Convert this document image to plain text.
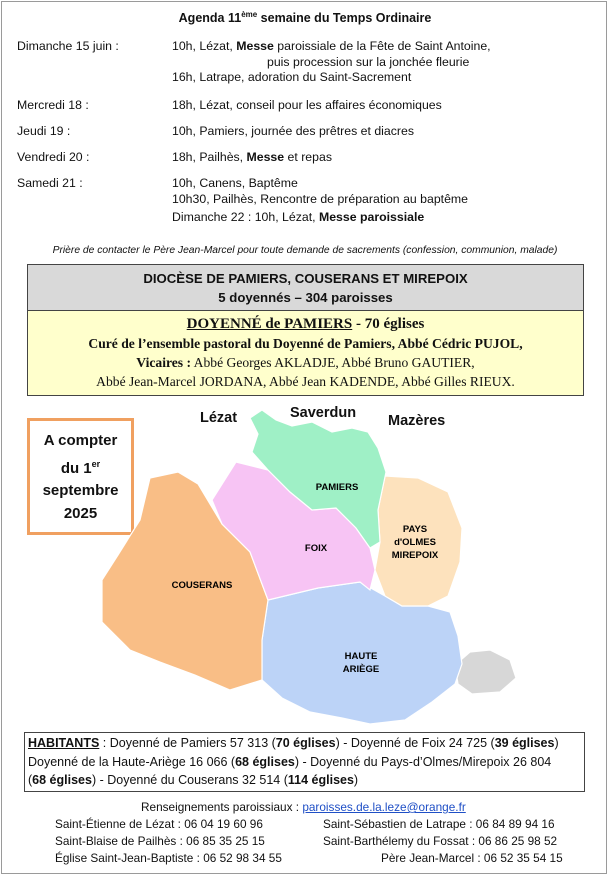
Agenda 11ème semaine du Temps Ordinaire
Dimanche 15 juin :	10h, Lézat, Messe paroissiale de la Fête de Saint Antoine,
puis procession sur la jonchée fleurie
16h, Latrape, adoration du Saint-Sacrement
Mercredi 18 :	18h, Lézat, conseil pour les affaires économiques
Jeudi 19 :	10h, Pamiers, journée des prêtres et diacres
Vendredi 20 :	18h, Pailhès, Messe et repas
Samedi 21 :	10h, Canens, Baptême
10h30, Pailhès, Rencontre de préparation au baptême
Dimanche 22 : 10h, Lézat, Messe paroissiale
Prière de contacter le Père Jean-Marcel pour toute demande de sacrements (confession, communion, malade)
DIOCÈSE DE PAMIERS, COUSERANS ET MIREPOIX
5 doyennés – 304 paroisses
DOYENNÉ de PAMIERS - 70 églises
Curé de l’ensemble pastoral du Doyenné de Pamiers, Abbé Cédric PUJOL,
Vicaires : Abbé Georges AKLADJE, Abbé Bruno GAUTIER,
Abbé Jean-Marcel JORDANA, Abbé Jean KADENDE, Abbé Gilles RIEUX.
A compter
du 1er
septembre
2025
Lézat	Saverdun Mazères
PAMIERS
FOIX
COUSERANS
PAYS
d'OLMES
MIREPOIX
HAUTE
ARIÈGE
HABITANTS : Doyenné de Pamiers 57 313 (70 églises) - Doyenné de Foix 24 725 (39 églises)
Doyenné de la Haute-Ariège 16 066 (68 églises) - Doyenné du Pays-d’Olmes/Mirepoix 26 804
(68 églises) - Doyenné du Couserans 32 514 (114 églises)
Renseignements paroissiaux : paroisses.de.la.leze@orange.fr
Saint-Étienne de Lézat : 06 04 19 60 96	Saint-Sébastien de Latrape : 06 84 89 94 16
Saint-Blaise de Pailhès : 06 85 35 25 15	Saint-Barthélemy du Fossat : 06 86 25 98 52
Église Saint-Jean-Baptiste : 06 52 98 34 55	Père Jean-Marcel : 06 52 35 54 15
